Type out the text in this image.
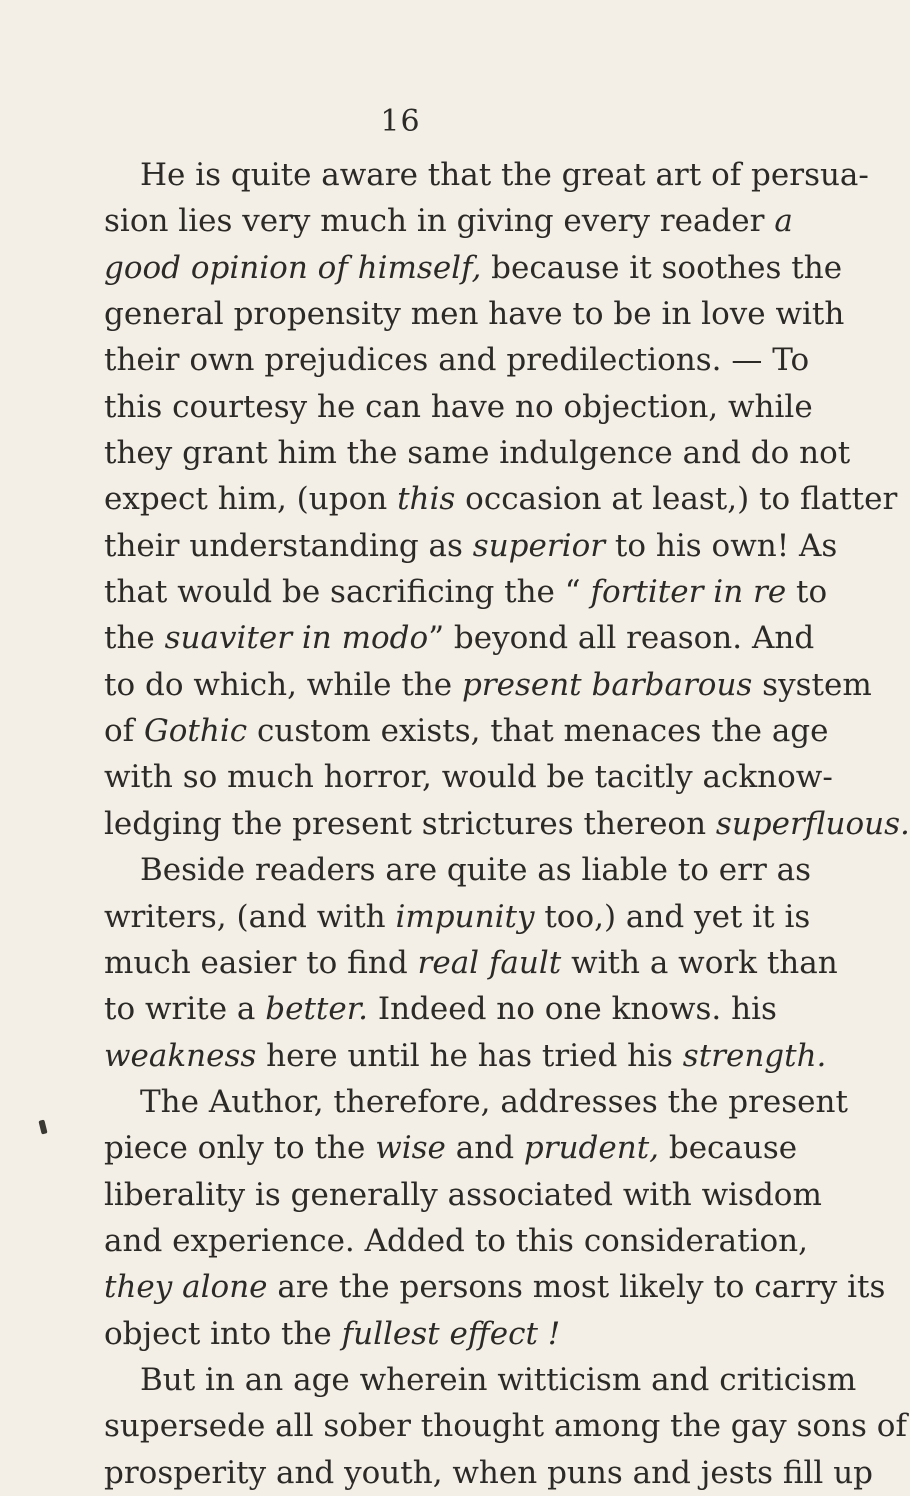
16
He is quite aware that the great art of persua-
sion lies very much in giving every reader a
good opinion of himself, because it soothes the
general propensity men have to be in love with
their own prejudices and predilections. — To
this courtesy he can have no objection, while
they grant him the same indulgence and do not
expect him, (upon this occasion at least,) to flatter
their understanding as superior to his own! As
that would be sacrificing the “ fortiter in re to
the suaviter in modo” beyond all reason. And
to do which, while the present barbarous system
of Gothic custom exists, that menaces the age
with so much horror, would be tacitly acknow-
ledging the present strictures thereon superfluous.
Beside readers are quite as liable to err as
writers, (and with impunity too,) and yet it is
much easier to find real fault with a work than
to write a better. Indeed no one knows. his
weakness here until he has tried his strength.
The Author, therefore, addresses the present
piece only to the wise and prudent, because
liberality is generally associated with wisdom
and experience. Added to this consideration,
they alone are the persons most likely to carry its
object into the fullest effect !
But in an age wherein witticism and criticism
supersede all sober thought among the gay sons of
prosperity and youth, when puns and jests fill up
